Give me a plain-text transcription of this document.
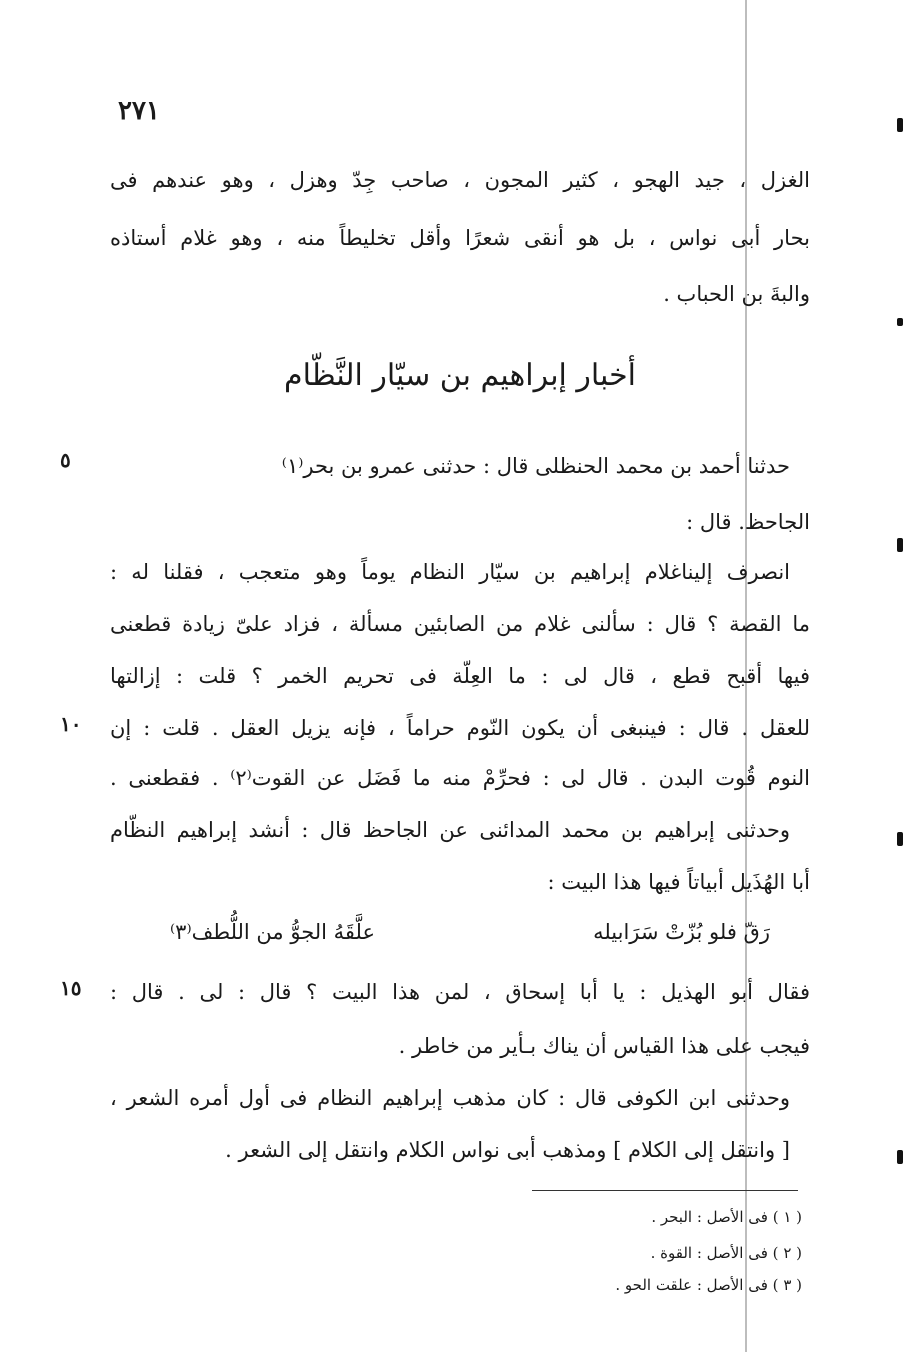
٢٧١
الغزل ، جيد الهجو ، كثير المجون ، صاحب جِدّ وهزل ، وهو عندهم فى
بحار أبى نواس ، بل هو أنقى شعرًا وأقل تخليطاً منه ، وهو غلام أستاذه
والبةَ بن الحباب .
أخبار إبراهيم بن سيّار النَّظّام
حدثنا أحمد بن محمد الحنظلى قال : حدثنى عمرو بن بحر⁽١⁾
٥
الجاحظ. قال :
انصرف إليناغلام إبراهيم بن سيّار النظام يوماً وهو متعجب ، فقلنا له :
ما القصة ؟ قال : سألنى غلام من الصابئين مسألة ، فزاد علىّ زيادة قطعنى
فيها أقبح قطع ، قال لى : ما العِلّة فى تحريم الخمر ؟ قلت : إزالتها
للعقل . قال : فينبغى أن يكون النّوم حراماً ، فإنه يزيل العقل . قلت : إن
١٠
النوم قُوت البدن . قال لى : فحرِّمْ منه ما فَضَل عن القوت⁽٢⁾ . فقطعنى .
وحدثنى إبراهيم بن محمد المدائنى عن الجاحظ قال : أنشد إبراهيم النظّام
أبا الهُذَيل أبياتاً فيها هذا البيت :
رَقّ فلو بُزّتْ سَرَابيله
علَّقَهُ الجوُّ من اللُّطف⁽٣⁾
فقال أبو الهذيل : يا أبا إسحاق ، لمن هذا البيت ؟ قال : لى . قال :
١٥
فيجب على هذا القياس أن يناك بـأير من خاطر .
وحدثنى ابن الكوفى قال : كان مذهب إبراهيم النظام فى أول أمره الشعر ،
[ وانتقل إلى الكلام ] ومذهب أبى نواس الكلام وانتقل إلى الشعر .
( ١ ) فى الأصل : البحر .
( ٢ ) فى الأصل : القوة .
( ٣ ) فى الأصل : علقت الحو .
